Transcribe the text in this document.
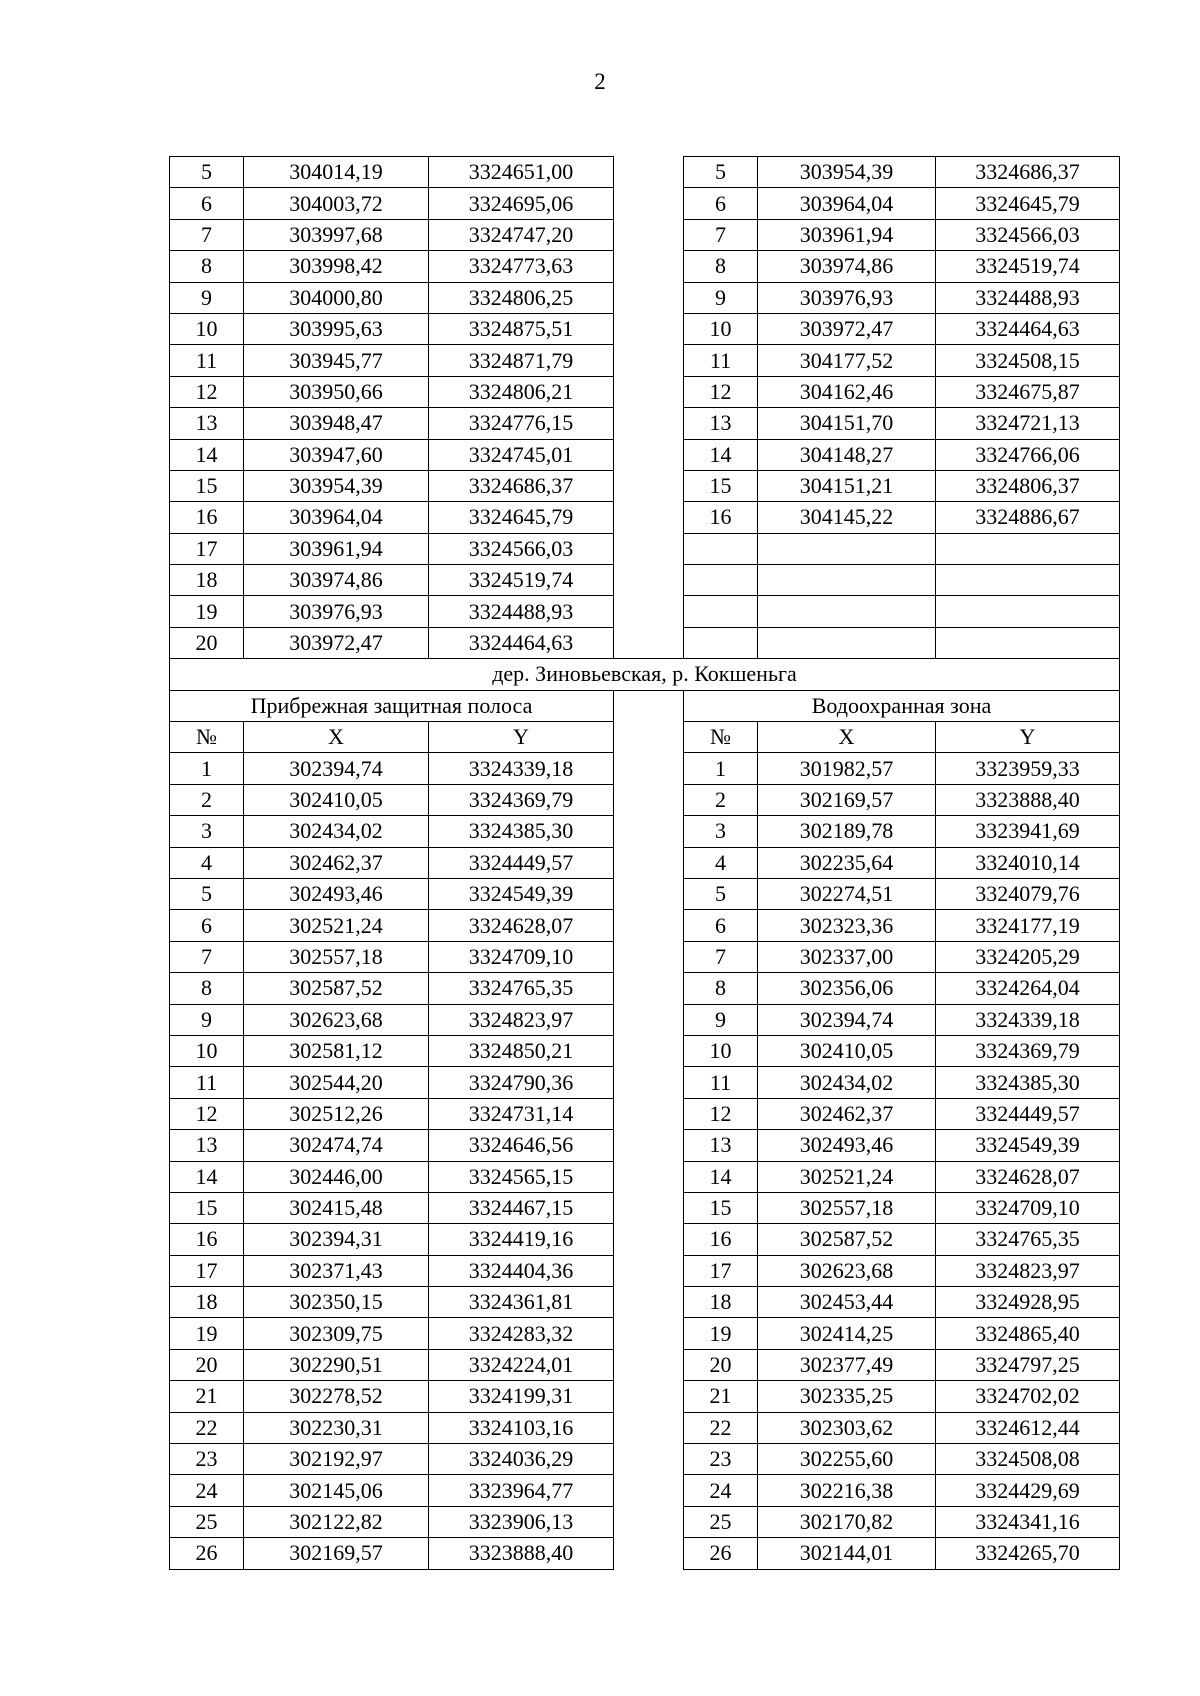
2
5	304014,19	3324651,00		5	303954,39	3324686,37
6	304003,72	3324695,06		6	303964,04	3324645,79
7	303997,68	3324747,20		7	303961,94	3324566,03
8	303998,42	3324773,63		8	303974,86	3324519,74
9	304000,80	3324806,25		9	303976,93	3324488,93
10	303995,63	3324875,51		10	303972,47	3324464,63
11	303945,77	3324871,79		11	304177,52	3324508,15
12	303950,66	3324806,21		12	304162,46	3324675,87
13	303948,47	3324776,15		13	304151,70	3324721,13
14	303947,60	3324745,01		14	304148,27	3324766,06
15	303954,39	3324686,37		15	304151,21	3324806,37
16	303964,04	3324645,79		16	304145,22	3324886,67
17	303961,94	3324566,03				
18	303974,86	3324519,74				
19	303976,93	3324488,93				
20	303972,47	3324464,63				
дер. Зиновьевская, р. Кокшеньга						
Прибрежная защитная полоса				Водоохранная зона		
№	X	Y		№	X	Y
1	302394,74	3324339,18		1	301982,57	3323959,33
2	302410,05	3324369,79		2	302169,57	3323888,40
3	302434,02	3324385,30		3	302189,78	3323941,69
4	302462,37	3324449,57		4	302235,64	3324010,14
5	302493,46	3324549,39		5	302274,51	3324079,76
6	302521,24	3324628,07		6	302323,36	3324177,19
7	302557,18	3324709,10		7	302337,00	3324205,29
8	302587,52	3324765,35		8	302356,06	3324264,04
9	302623,68	3324823,97		9	302394,74	3324339,18
10	302581,12	3324850,21		10	302410,05	3324369,79
11	302544,20	3324790,36		11	302434,02	3324385,30
12	302512,26	3324731,14		12	302462,37	3324449,57
13	302474,74	3324646,56		13	302493,46	3324549,39
14	302446,00	3324565,15		14	302521,24	3324628,07
15	302415,48	3324467,15		15	302557,18	3324709,10
16	302394,31	3324419,16		16	302587,52	3324765,35
17	302371,43	3324404,36		17	302623,68	3324823,97
18	302350,15	3324361,81		18	302453,44	3324928,95
19	302309,75	3324283,32		19	302414,25	3324865,40
20	302290,51	3324224,01		20	302377,49	3324797,25
21	302278,52	3324199,31		21	302335,25	3324702,02
22	302230,31	3324103,16		22	302303,62	3324612,44
23	302192,97	3324036,29		23	302255,60	3324508,08
24	302145,06	3323964,77		24	302216,38	3324429,69
25	302122,82	3323906,13		25	302170,82	3324341,16
26	302169,57	3323888,40		26	302144,01	3324265,70
